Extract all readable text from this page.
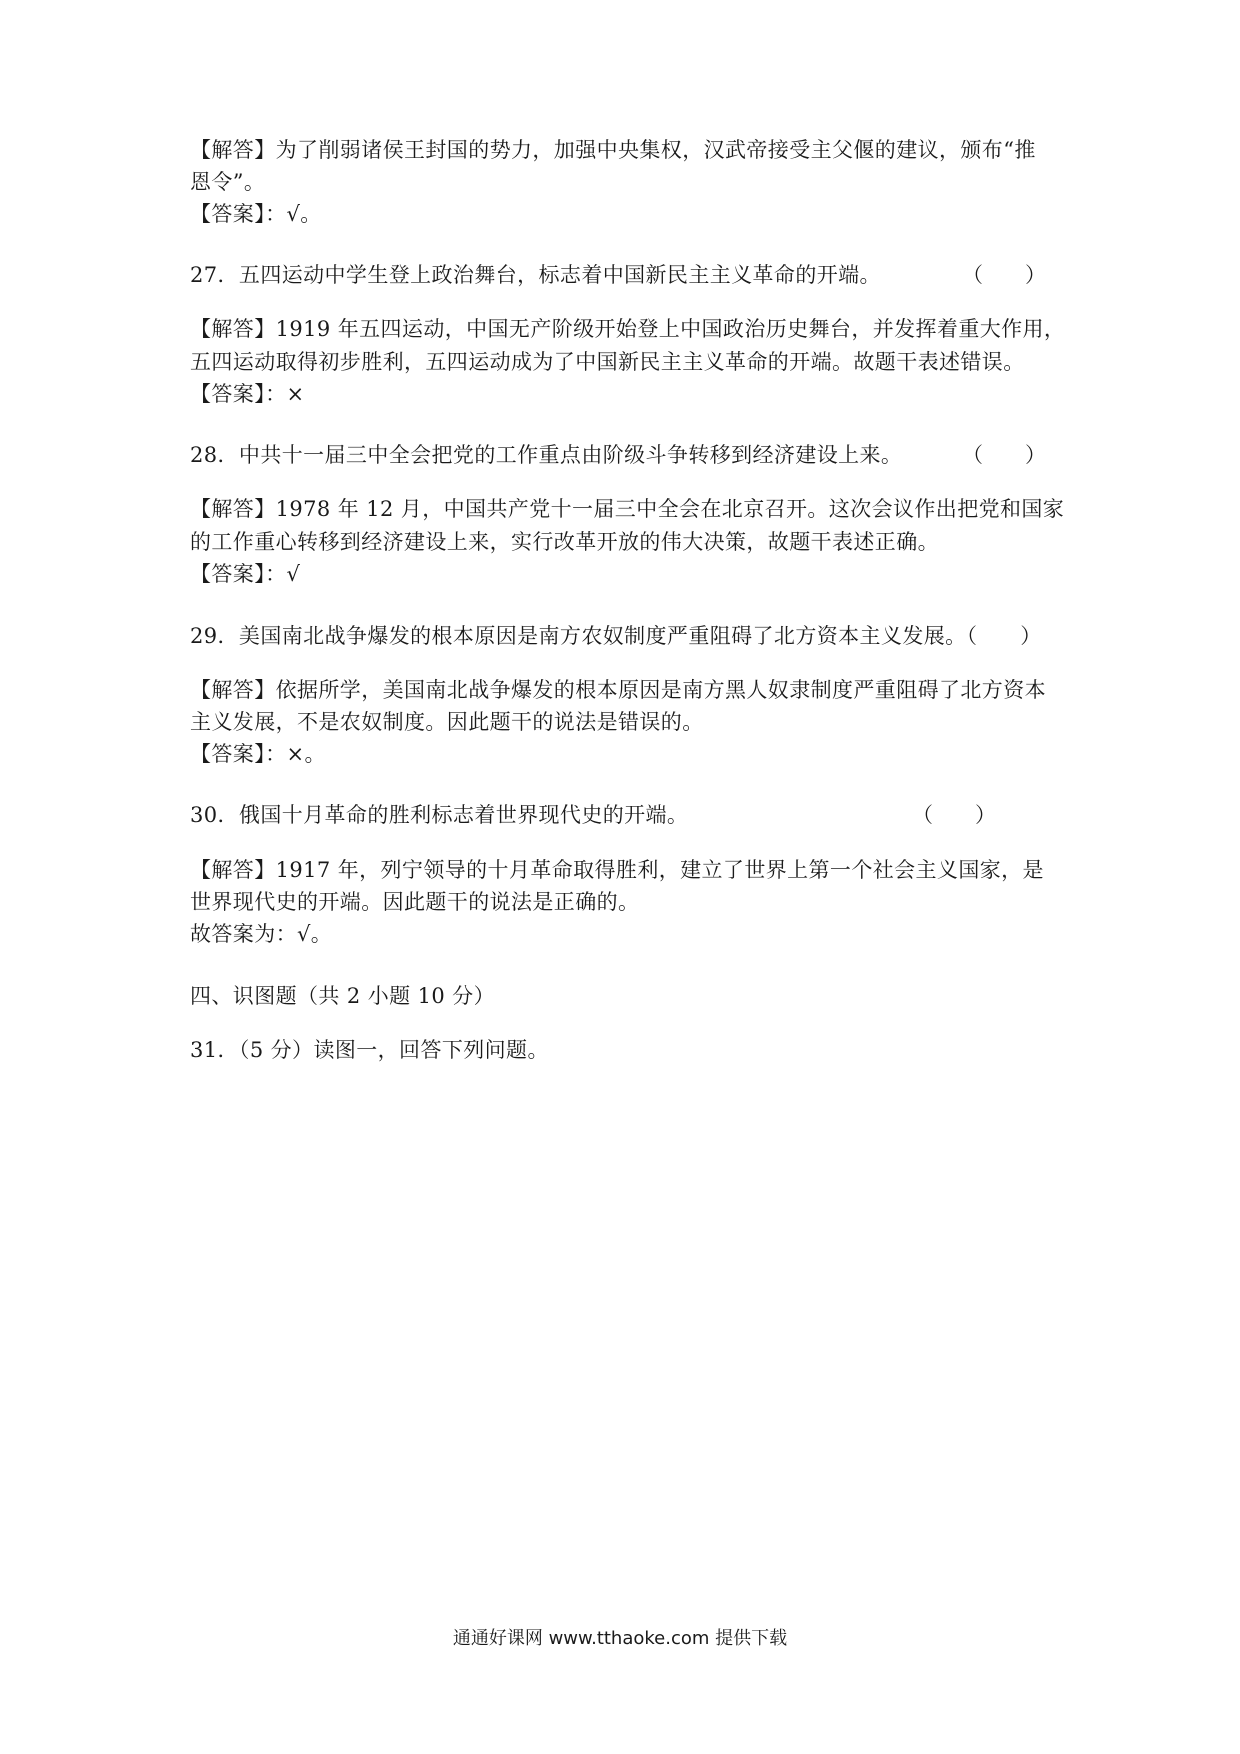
【解答】为了削弱诸侯王封国的势力，加强中央集权，汉武帝接受主父偃的建议，颁布“推
恩令”。
【答案】：√。
27．五四运动中学生登上政治舞台，标志着中国新民主主义革命的开端。	（　　）
【解答】1919 年五四运动，中国无产阶级开始登上中国政治历史舞台，并发挥着重大作用，
五四运动取得初步胜利，五四运动成为了中国新民主主义革命的开端。故题干表述错误。
【答案】：×
28．中共十一届三中全会把党的工作重点由阶级斗争转移到经济建设上来。	（　　）
【解答】1978 年 12 月，中国共产党十一届三中全会在北京召开。这次会议作出把党和国家
的工作重心转移到经济建设上来，实行改革开放的伟大决策，故题干表述正确。
【答案】：√
29．美国南北战争爆发的根本原因是南方农奴制度严重阻碍了北方资本主义发展。（　　）
【解答】依据所学，美国南北战争爆发的根本原因是南方黑人奴隶制度严重阻碍了北方资本
主义发展，不是农奴制度。因此题干的说法是错误的。
【答案】：×。
30．俄国十月革命的胜利标志着世界现代史的开端。	（　　）
【解答】1917 年，列宁领导的十月革命取得胜利，建立了世界上第一个社会主义国家，是
世界现代史的开端。因此题干的说法是正确的。
故答案为：√。
四、识图题（共 2 小题 10 分）
31．（5 分）读图一，回答下列问题。
通通好课网 www.tthaoke.com 提供下载
